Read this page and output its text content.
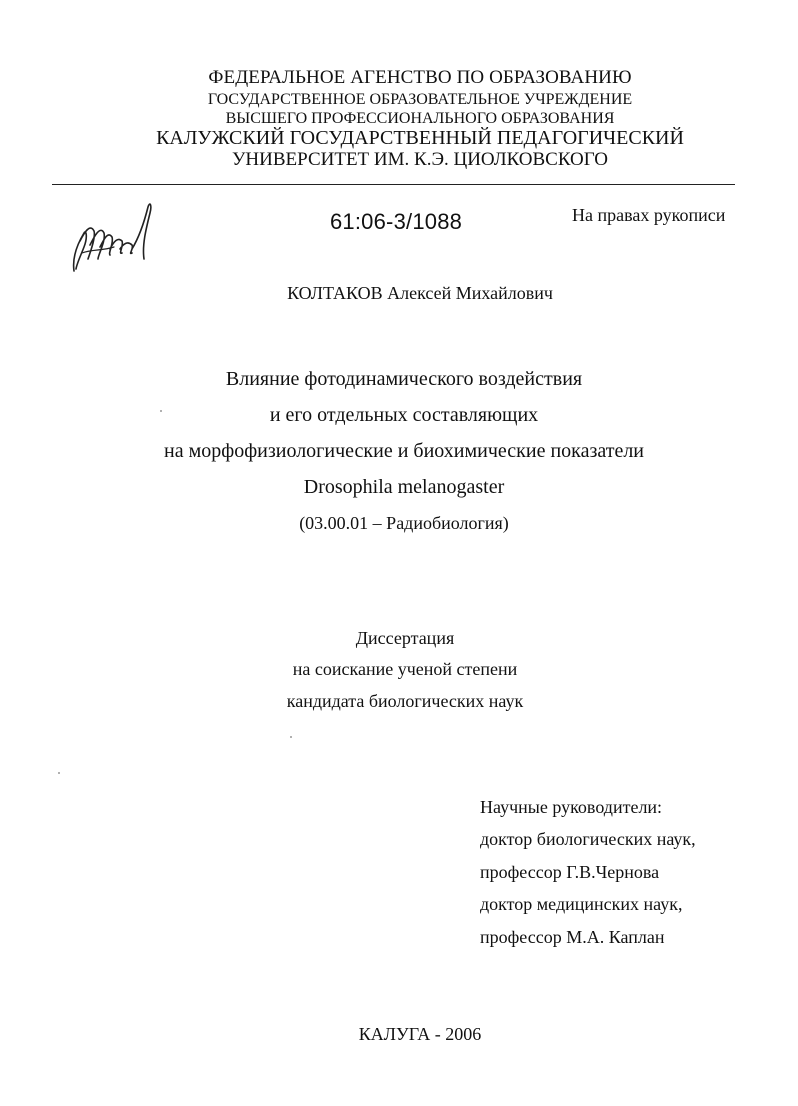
ФЕДЕРАЛЬНОЕ АГЕНСТВО ПО ОБРАЗОВАНИЮ
ГОСУДАРСТВЕННОЕ ОБРАЗОВАТЕЛЬНОЕ УЧРЕЖДЕНИЕ
ВЫСШЕГО ПРОФЕССИОНАЛЬНОГО ОБРАЗОВАНИЯ
КАЛУЖСКИЙ ГОСУДАРСТВЕННЫЙ ПЕДАГОГИЧЕСКИЙ
УНИВЕРСИТЕТ ИМ. К.Э. ЦИОЛКОВСКОГО
61:06-3/1088	На правах рукописи
КОЛТАКОВ Алексей Михайлович
Влияние фотодинамического воздействия
и его отдельных составляющих
на морфофизиологические и биохимические показатели
Drosophila melanogaster
(03.00.01 – Радиобиология)
Диссертация
на соискание ученой степени
кандидата биологических наук
Научные руководители:
доктор биологических наук,
профессор Г.В.Чернова
доктор медицинских наук,
профессор М.А. Каплан
КАЛУГА - 2006
